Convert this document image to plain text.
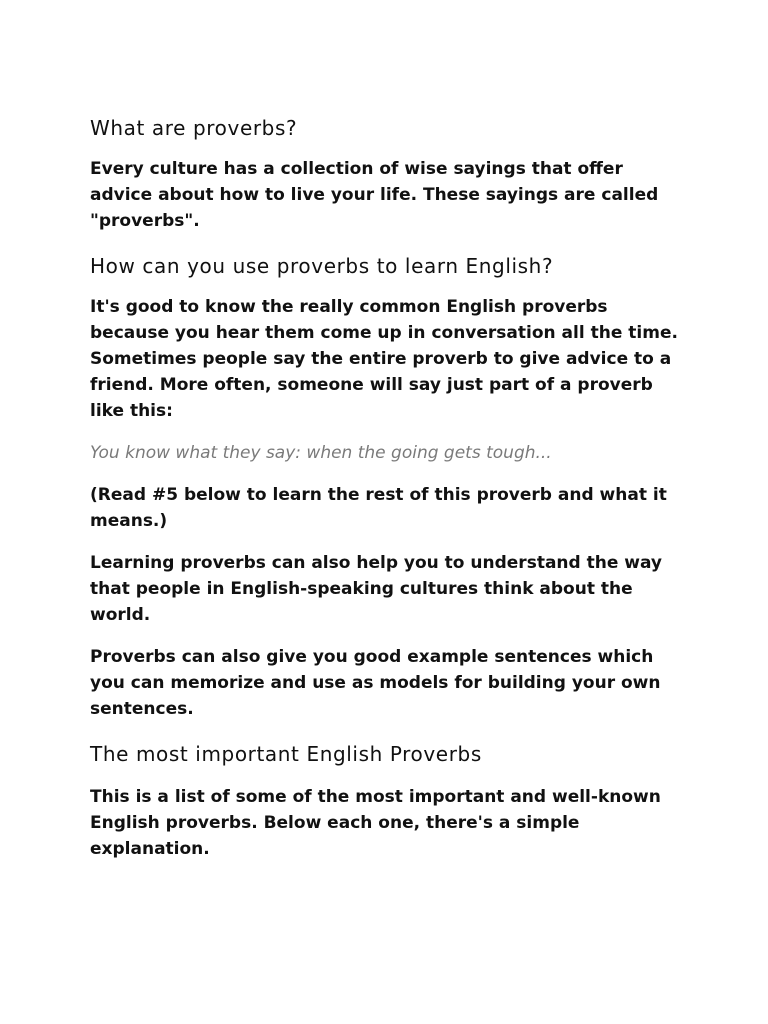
What are proverbs?

Every culture has a collection of wise sayings that offer advice about how to live your life. These sayings are called "proverbs".

How can you use proverbs to learn English?

It's good to know the really common English proverbs because you hear them come up in conversation all the time. Sometimes people say the entire proverb to give advice to a friend. More often, someone will say just part of a proverb like this:

You know what they say: when the going gets tough...

(Read #5 below to learn the rest of this proverb and what it means.)

Learning proverbs can also help you to understand the way that people in English-speaking cultures think about the world.

Proverbs can also give you good example sentences which you can memorize and use as models for building your own sentences.

The most important English Proverbs

This is a list of some of the most important and well-known English proverbs. Below each one, there's a simple explanation.
